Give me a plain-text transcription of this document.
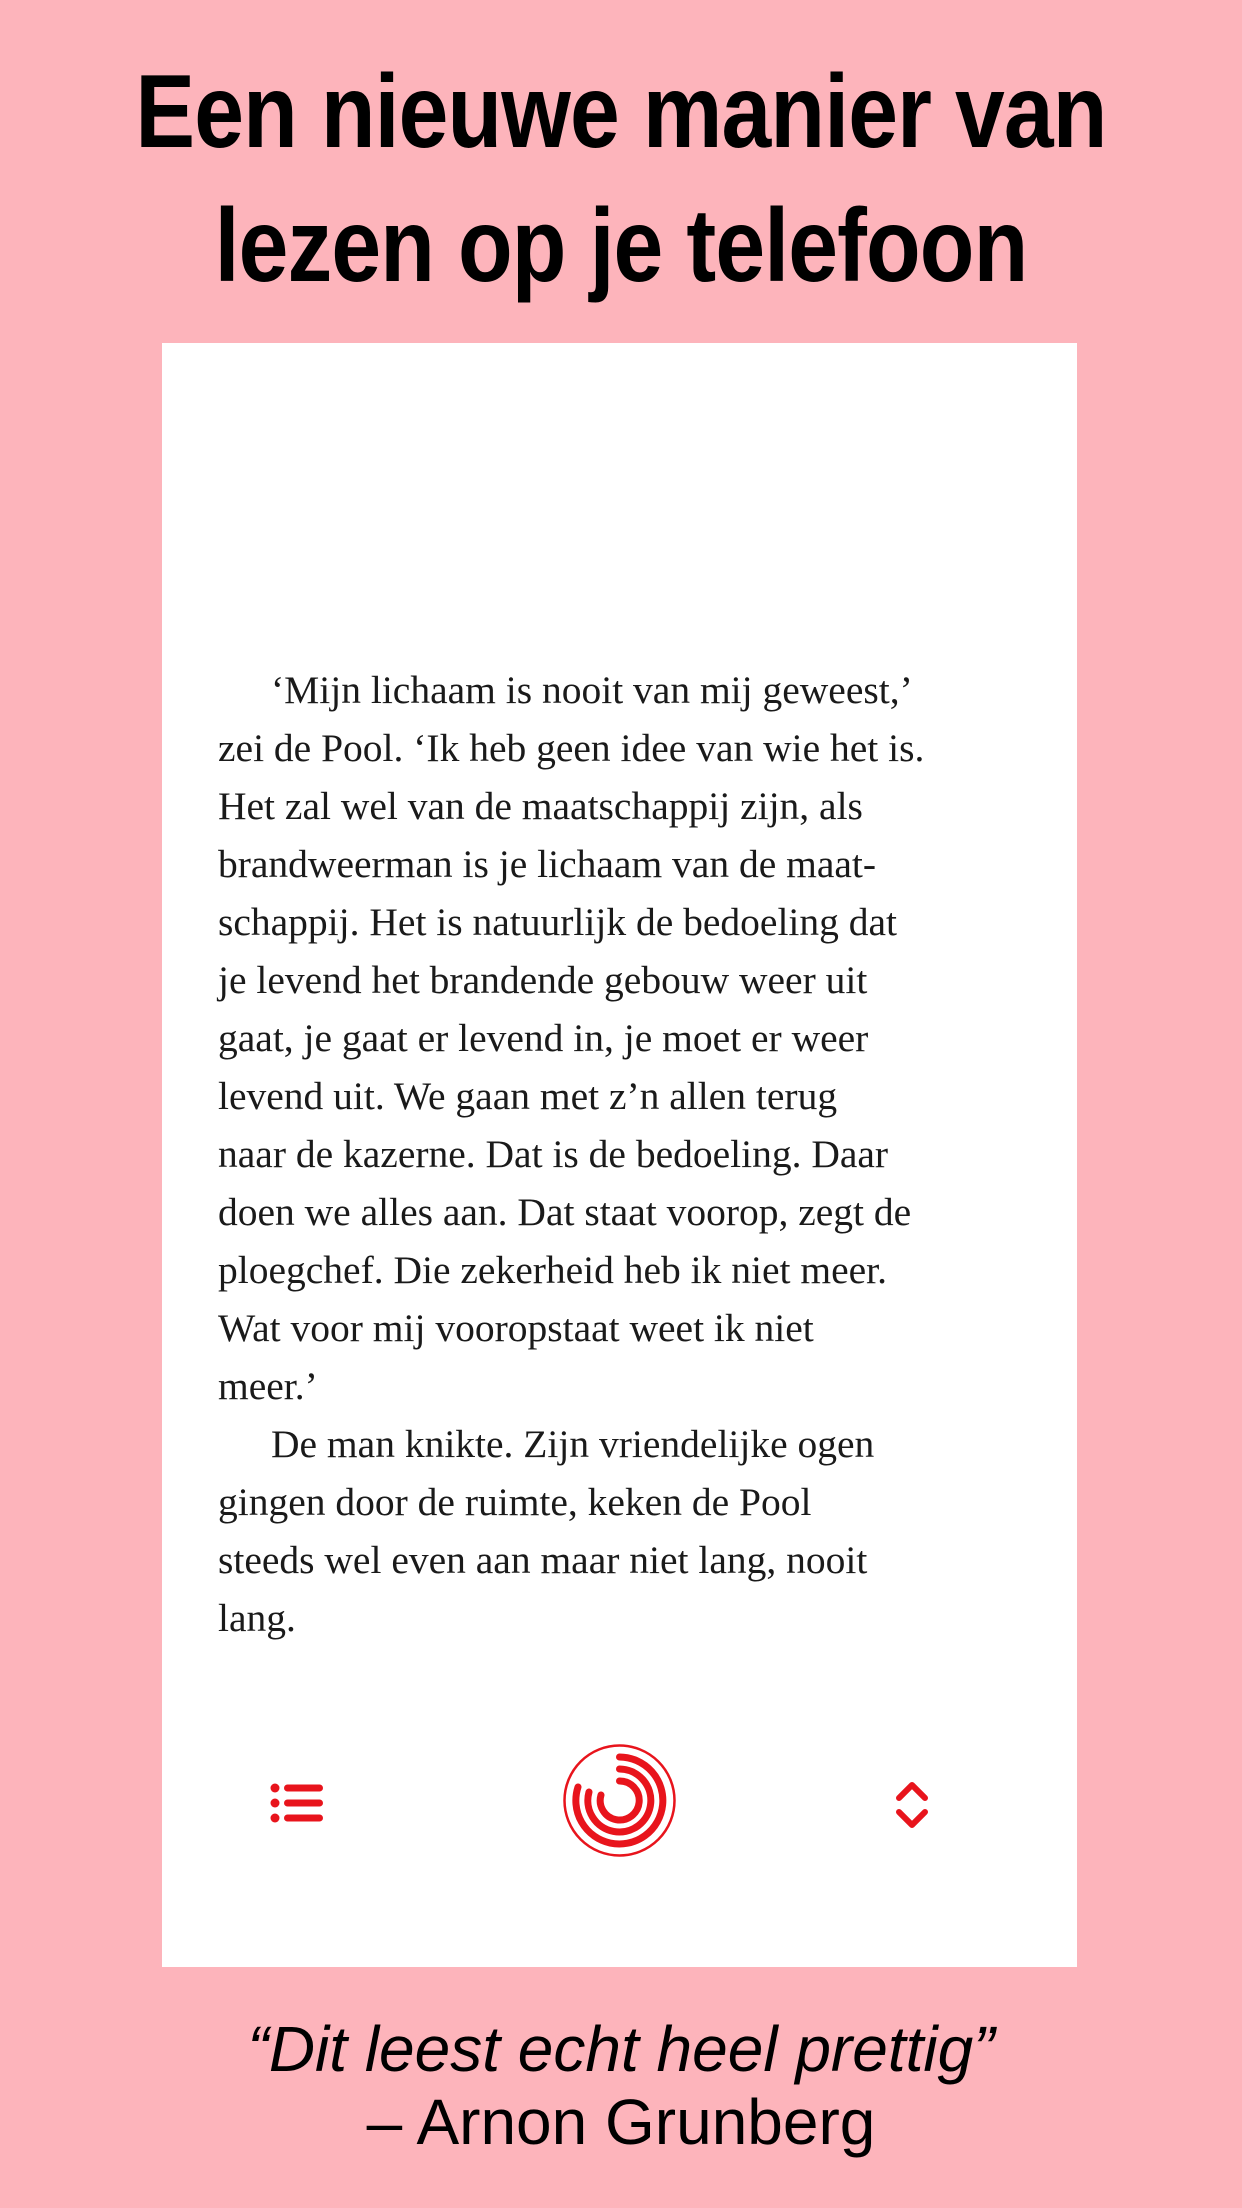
Een nieuwe manier van
lezen op je telefoon
‘Mijn lichaam is nooit van mij geweest,’
zei de Pool. ‘Ik heb geen idee van wie het is.
Het zal wel van de maatschappij zijn, als
brandweerman is je lichaam van de maat-
schappij. Het is natuurlijk de bedoeling dat
je levend het brandende gebouw weer uit
gaat, je gaat er levend in, je moet er weer
levend uit. We gaan met z’n allen terug
naar de kazerne. Dat is de bedoeling. Daar
doen we alles aan. Dat staat voorop, zegt de
ploegchef. Die zekerheid heb ik niet meer.
Wat voor mij vooropstaat weet ik niet
meer.’
De man knikte. Zijn vriendelijke ogen
gingen door de ruimte, keken de Pool
steeds wel even aan maar niet lang, nooit
lang.
“Dit leest echt heel prettig”
– Arnon Grunberg
